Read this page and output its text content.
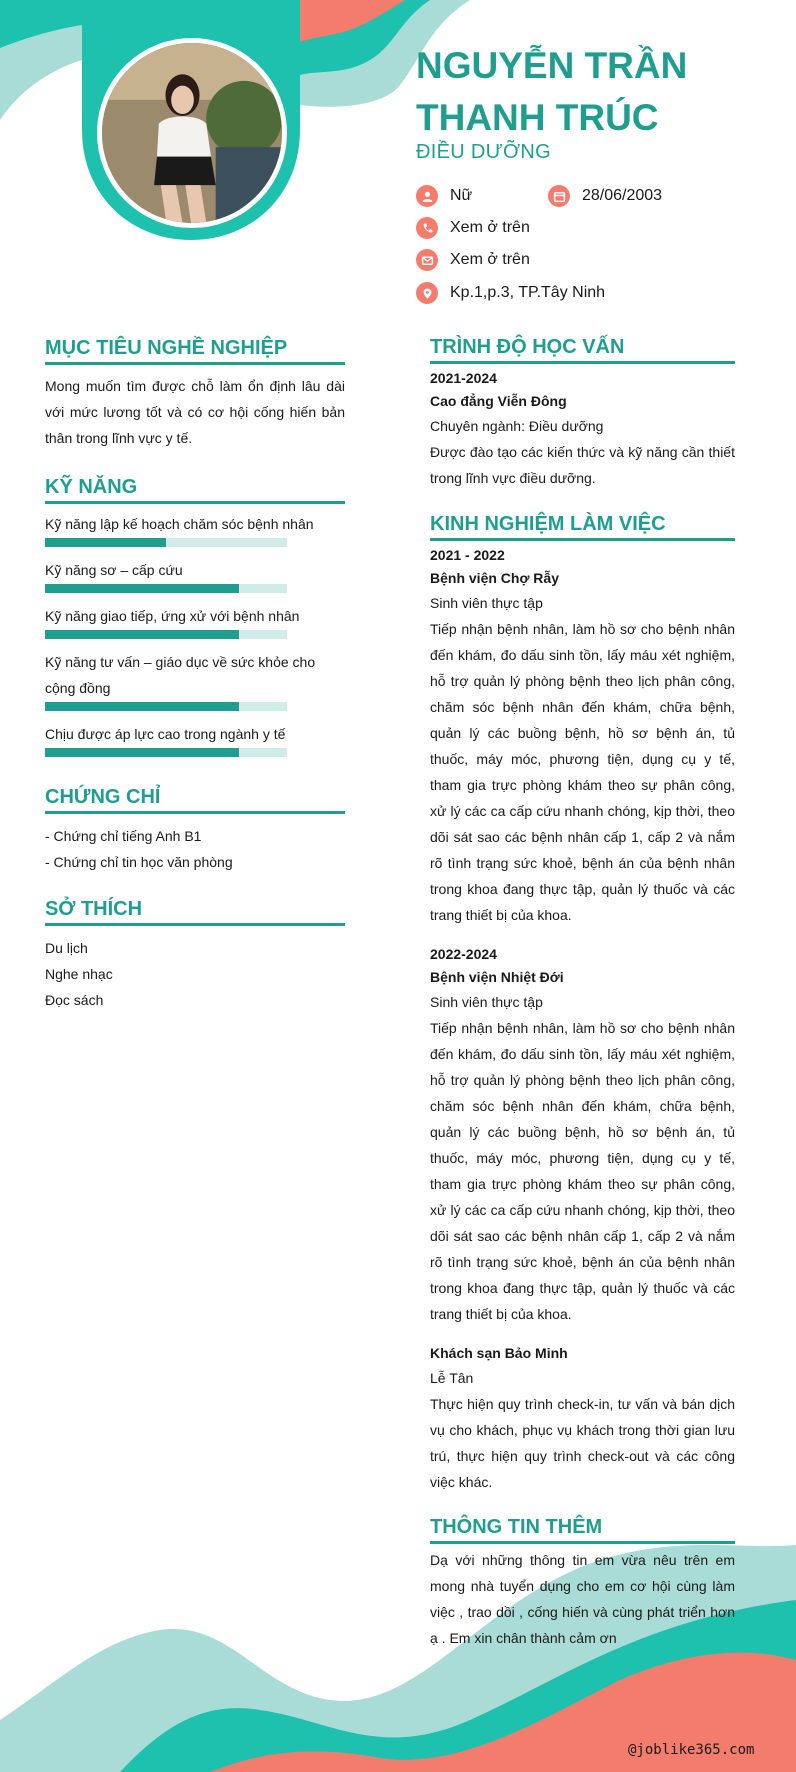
NGUYỄN TRẦN THANH TRÚC
ĐIỀU DƯỠNG
Nữ	28/06/2003
Xem ở trên
Xem ở trên
Kp.1,p.3, TP.Tây Ninh
MỤC TIÊU NGHỀ NGHIỆP

Mong muốn tìm được chỗ làm ổn định lâu dài với mức lương tốt và có cơ hội cống hiến bản thân trong lĩnh vực y tế.

KỸ NĂNG
Kỹ năng lập kế hoạch chăm sóc bệnh nhân
Kỹ năng sơ – cấp cứu
Kỹ năng giao tiếp, ứng xử với bệnh nhân
Kỹ năng tư vấn – giáo dục về sức khỏe cho cộng đồng
Chịu được áp lực cao trong ngành y tế
CHỨNG CHỈ

- Chứng chỉ tiếng Anh B1

- Chứng chỉ tin học văn phòng

SỞ THÍCH

Du lịch

Nghe nhạc

Đọc sách

TRÌNH ĐỘ HỌC VẤN

2021-2024

Cao đẳng Viễn Đông

Chuyên ngành: Điều dưỡng

Được đào tạo các kiến thức và kỹ năng cần thiết trong lĩnh vực điều dưỡng.

KINH NGHIỆM LÀM VIỆC

2021 - 2022

Bệnh viện Chợ Rẫy

Sinh viên thực tập

Tiếp nhận bệnh nhân, làm hồ sơ cho bệnh nhân đến khám, đo dấu sinh tồn, lấy máu xét nghiệm, hỗ trợ quản lý phòng bệnh theo lịch phân công, chăm sóc bệnh nhân đến khám, chữa bệnh, quản lý các buồng bệnh, hồ sơ bệnh án, tủ thuốc, máy móc, phương tiện, dụng cụ y tế, tham gia trực phòng khám theo sự phân công, xử lý các ca cấp cứu nhanh chóng, kịp thời, theo dõi sát sao các bệnh nhân cấp 1, cấp 2 và nắm rõ tình trạng sức khoẻ, bệnh án của bệnh nhân trong khoa đang thực tập, quản lý thuốc và các trang thiết bị của khoa.

2022-2024

Bệnh viện Nhiệt Đới

Sinh viên thực tập

Tiếp nhận bệnh nhân, làm hồ sơ cho bệnh nhân đến khám, đo dấu sinh tồn, lấy máu xét nghiệm, hỗ trợ quản lý phòng bệnh theo lịch phân công, chăm sóc bệnh nhân đến khám, chữa bệnh, quản lý các buồng bệnh, hồ sơ bệnh án, tủ thuốc, máy móc, phương tiện, dụng cụ y tế, tham gia trực phòng khám theo sự phân công, xử lý các ca cấp cứu nhanh chóng, kịp thời, theo dõi sát sao các bệnh nhân cấp 1, cấp 2 và nắm rõ tình trạng sức khoẻ, bệnh án của bệnh nhân trong khoa đang thực tập, quản lý thuốc và các trang thiết bị của khoa.

Khách sạn Bảo Minh

Lễ Tân

Thực hiện quy trình check-in, tư vấn và bán dịch vụ cho khách, phục vụ khách trong thời gian lưu trú, thực hiện quy trình check-out và các công việc khác.

THÔNG TIN THÊM

Dạ với những thông tin em vừa nêu trên em mong nhà tuyển dụng cho em cơ hội cùng làm việc , trao dồi , cống hiến và cùng phát triển hơn ạ . Em xin chân thành cảm ơn

@joblike365.com
